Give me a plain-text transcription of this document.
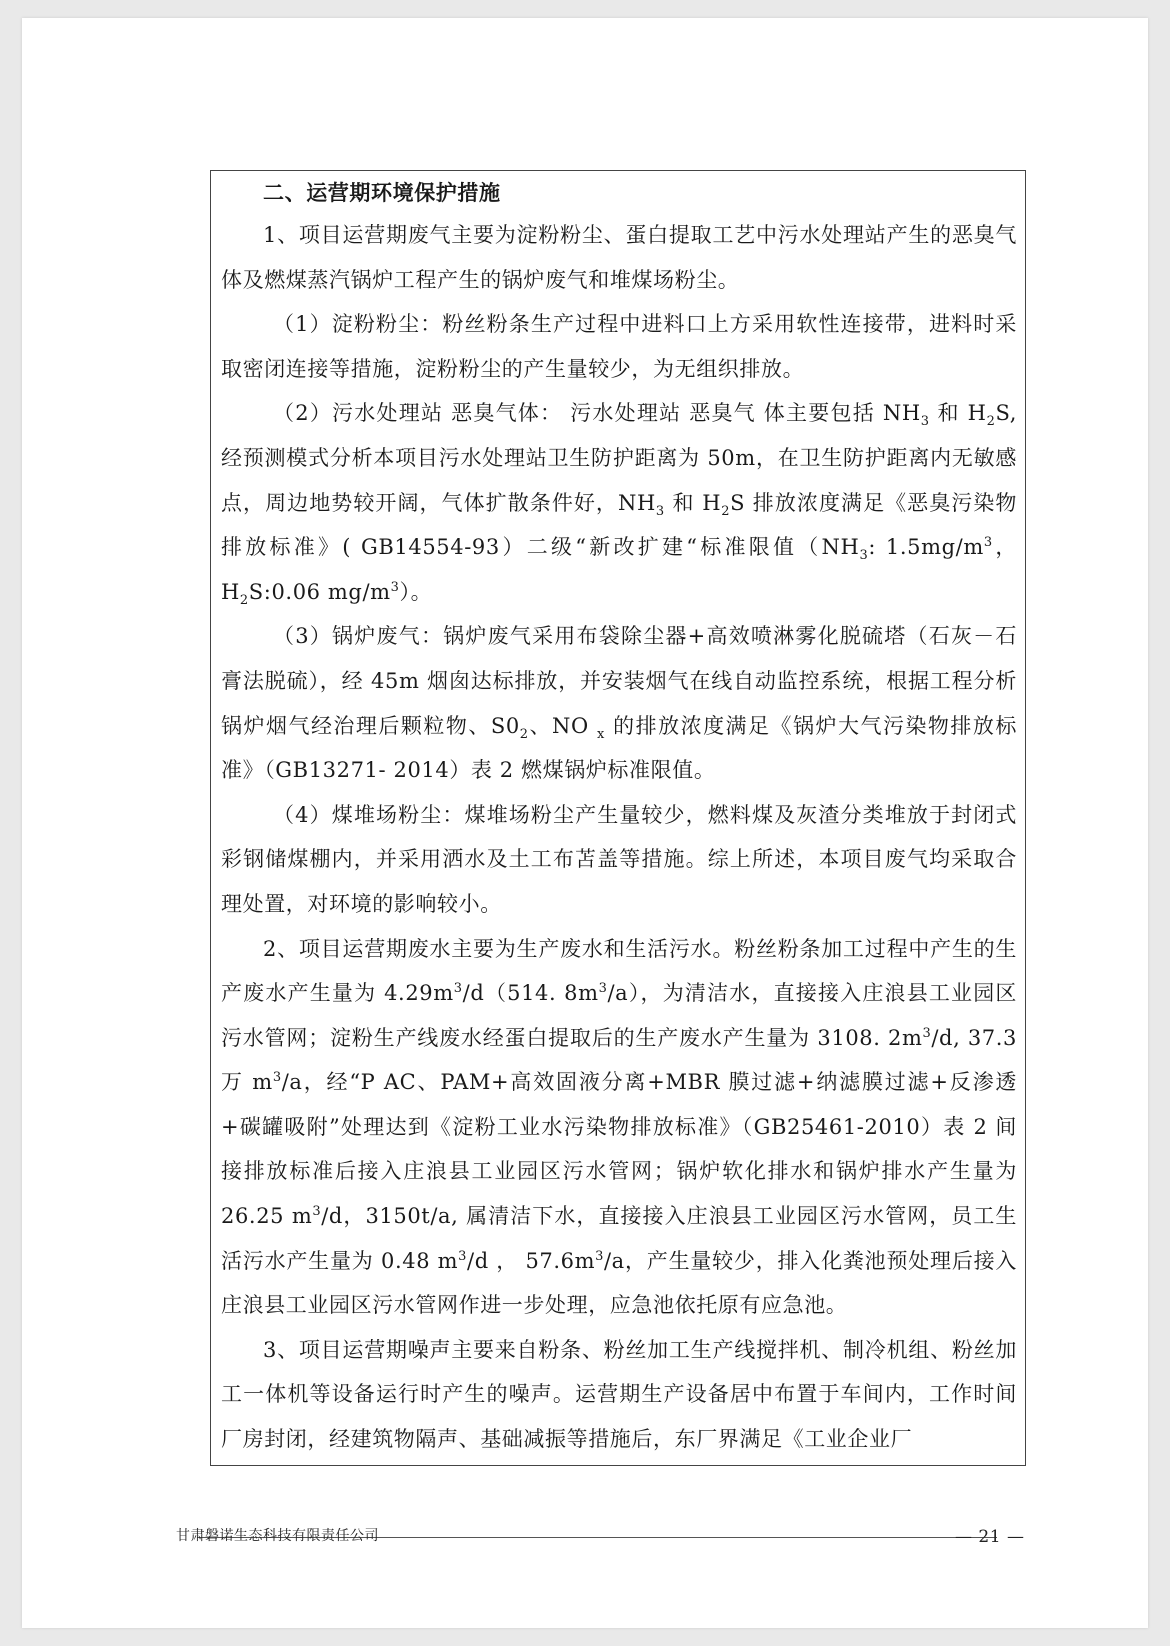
二、运营期环境保护措施

1、项目运营期废气主要为淀粉粉尘、蛋白提取工艺中污水处理站产生的恶臭气体及燃煤蒸汽锅炉工程产生的锅炉废气和堆煤场粉尘。

（1）淀粉粉尘：粉丝粉条生产过程中进料口上方采用软性连接带，进料时采取密闭连接等措施，淀粉粉尘的产生量较少，为无组织排放。

（2）污水处理站 恶臭气体： 污水处理站 恶臭气 体主要包括 $NH_3$ 和 $H_2S$,经预测模式分析本项目污水处理站卫生防护距离为 50m，在卫生防护距离内无敏感点，周边地势较开阔，气体扩散条件好，$NH_3$ 和 $H_2S$ 排放浓度满足《恶臭污染物排放标准》( GB14554-93）二级“新改扩建“标准限值（$NH_3$: $1.5mg/m^3$，$H_2S:0.06$ $mg/m^3$）。

（3）锅炉废气：锅炉废气采用布袋除尘器+高效喷淋雾化脱硫塔（石灰－石膏法脱硫），经 45m 烟囱达标排放，并安装烟气在线自动监控系统，根据工程分析锅炉烟气经治理后颗粒物、$S0_2$、NO $_x$ 的排放浓度满足《锅炉大气污染物排放标准》（GB13271- 2014）表 2 燃煤锅炉标准限值。

（4）煤堆场粉尘：煤堆场粉尘产生量较少，燃料煤及灰渣分类堆放于封闭式彩钢储煤棚内，并采用洒水及土工布苫盖等措施。综上所述，本项目废气均采取合理处置，对环境的影响较小。

2、项目运营期废水主要为生产废水和生活污水。粉丝粉条加工过程中产生的生产废水产生量为 $4.29m^3/d(514$. $8m^3/a$），为清洁水，直接接入庄浪县工业园区污水管网；淀粉生产线废水经蛋白提取后的生产废水产生量为 3108. $2m^3/d$, 37.3 万 $m^3/a$，经“P AC、PAM+高效固液分离+MBR 膜过滤+纳滤膜过滤+反渗透+碳罐吸附”处理达到《淀粉工业水污染物排放标准》（GB25461-2010）表 2 间接排放标准后接入庄浪县工业园区污水管网；锅炉软化排水和锅炉排水产生量为 26.25 $m^3/d$，3150t/a, 属清洁下水，直接接入庄浪县工业园区污水管网，员工生活污水产生量为 0.48 $m^3/d$ ， $57.6m^3/a$，产生量较少，排入化粪池预处理后接入庄浪县工业园区污水管网作进一步处理，应急池依托原有应急池。

3、项目运营期噪声主要来自粉条、粉丝加工生产线搅拌机、制冷机组、粉丝加工一体机等设备运行时产生的噪声。运营期生产设备居中布置于车间内，工作时间厂房封闭，经建筑物隔声、基础减振等措施后，东厂界满足《工业企业厂

甘肃磐诺生态科技有限责任公司	— 21 —
